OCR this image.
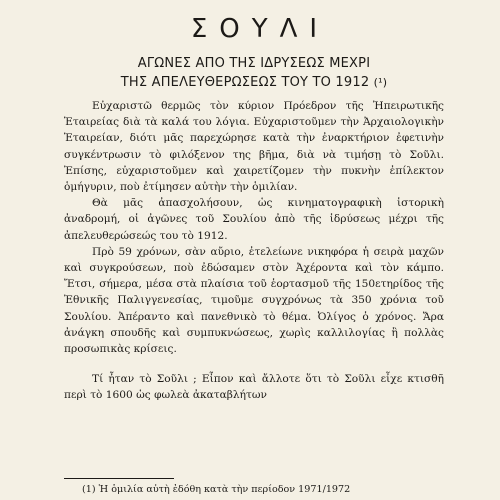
ΣΟΥΛΙ
ΑΓΩΝΕΣ ΑΠΟ ΤΗΣ ΙΔΡΥΣΕΩΣ ΜΕΧΡΙ
ΤΗΣ ΑΠΕΛΕΥΘΕΡΩΣΕΩΣ ΤΟΥ ΤΟ 1912 (¹)

Εὐχαριστῶ θερμῶς τὸν κύριον Πρόεδρον τῆς Ἠπειρωτικῆς Ἑταιρείας διὰ τὰ καλά του λόγια. Εὐχαριστοῦμεν τὴν Ἀρχαιολογικὴν Ἑταιρείαν, διότι μᾶς παρεχώρησε κατὰ τὴν ἐναρκτήριον ἐφετινὴν συγκέντρωσιν τὸ φιλόξενον της βῆμα, διὰ νὰ τιμήσῃ τὸ Σοῦλι. Ἐπίσης, εὐχαριστοῦμεν καὶ χαιρετίζομεν τὴν πυκνὴν ἐπίλεκτον ὁμήγυριν, ποὺ ἐτίμησεν αὐτὴν τὴν ὁμιλίαν.

Θὰ μᾶς ἀπασχολήσουν, ὡς κινηματογραφικὴ ἱστορικὴ ἀναδρομή, οἱ ἀγῶνες τοῦ Σουλίου ἀπὸ τῆς ἱδρύσεως μέχρι τῆς ἀπελευθερώσεώς του τὸ 1912.

Πρὸ 59 χρόνων, σὰν αὔριο, ἐτελείωνε νικηφόρα ἡ σειρὰ μαχῶν καὶ συγκρούσεων, ποὺ ἐδώσαμεν στὸν Ἀχέροντα καὶ τὸν κάμπο. Ἔτσι, σήμερα, μέσα στὰ πλαίσια τοῦ ἑορτασμοῦ τῆς 150ετηρίδος τῆς Ἐθνικῆς Παλιγγενεσίας, τιμοῦμε συγχρόνως τὰ 350 χρόνια τοῦ Σουλίου. Ἀπέραντο καὶ πανεθνικὸ τὸ θέμα. Ὀλίγος ὁ χρόνος. Ἄρα ἀνάγκη σπουδῆς καὶ συμπυκνώσεως, χωρὶς καλλιλογίας ἢ πολλὰς προσωπικὰς κρίσεις.

Τί ἦταν τὸ Σοῦλι ; Εἶπον καὶ ἄλλοτε ὅτι τὸ Σοῦλι εἶχε κτισθῆ περὶ τὸ 1600 ὡς φωλεὰ ἀκαταβλήτων

(1) Ἡ ὁμιλία αὐτὴ ἐδόθη κατὰ τὴν περίοδον 1971/1972
